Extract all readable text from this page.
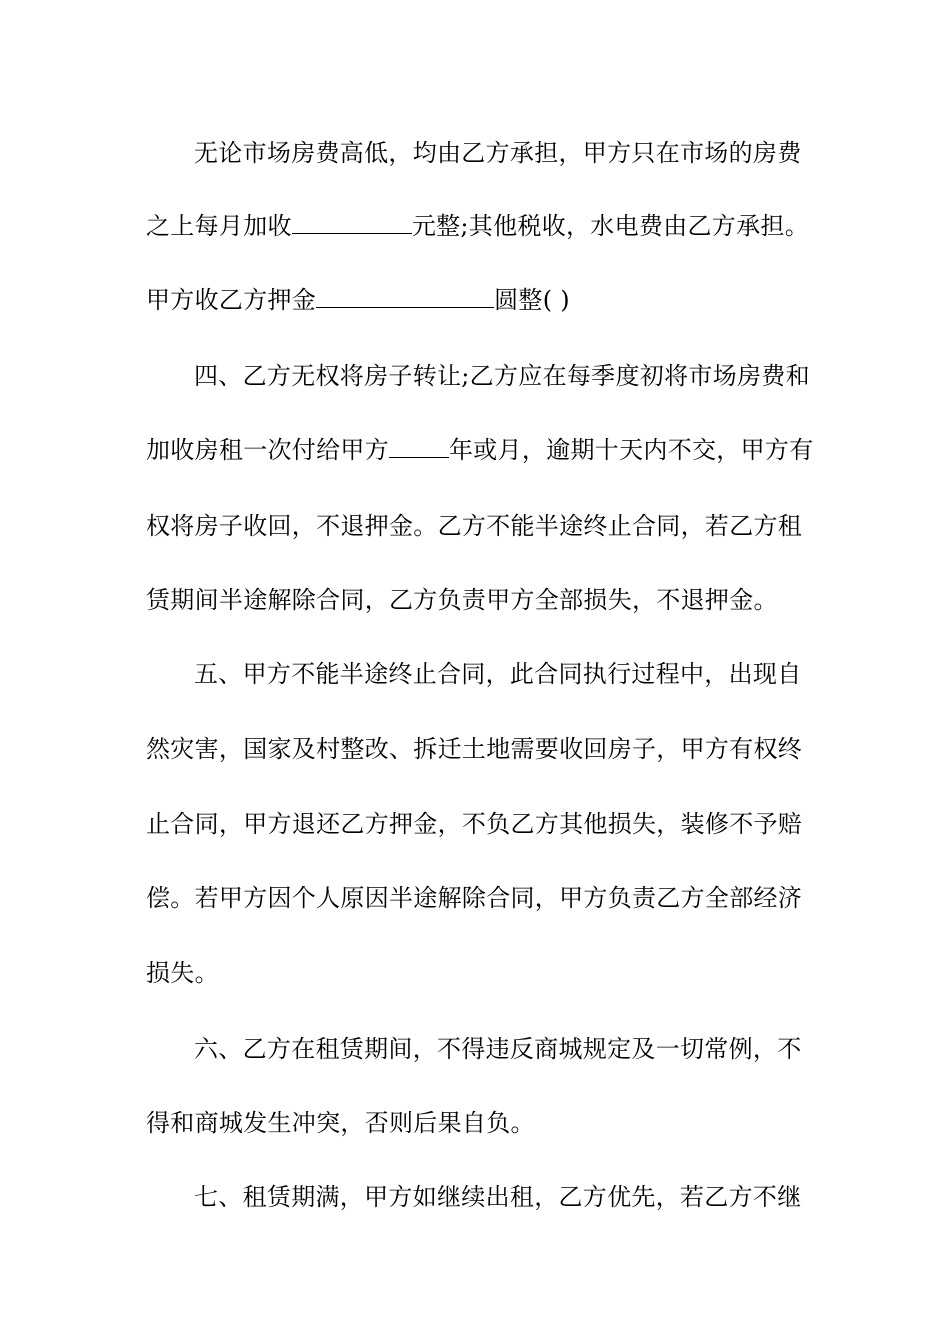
无论市场房费高低，均由乙方承担，甲方只在市场的房费
之上每月加收	元整;其他税收，水电费由乙方承担。
甲方收乙方押金	圆整( )
四、乙方无权将房子转让;乙方应在每季度初将市场房费和
加收房租一次付给甲方	年或月，逾期十天内不交，甲方有
权将房子收回，不退押金。乙方不能半途终止合同，若乙方租
赁期间半途解除合同，乙方负责甲方全部损失，不退押金。
五、甲方不能半途终止合同，此合同执行过程中，出现自
然灾害，国家及村整改、拆迁土地需要收回房子，甲方有权终
止合同，甲方退还乙方押金，不负乙方其他损失，装修不予赔
偿。若甲方因个人原因半途解除合同，甲方负责乙方全部经济
损失。
六、乙方在租赁期间，不得违反商城规定及一切常例，不
得和商城发生冲突，否则后果自负。
七、租赁期满，甲方如继续出租，乙方优先，若乙方不继
